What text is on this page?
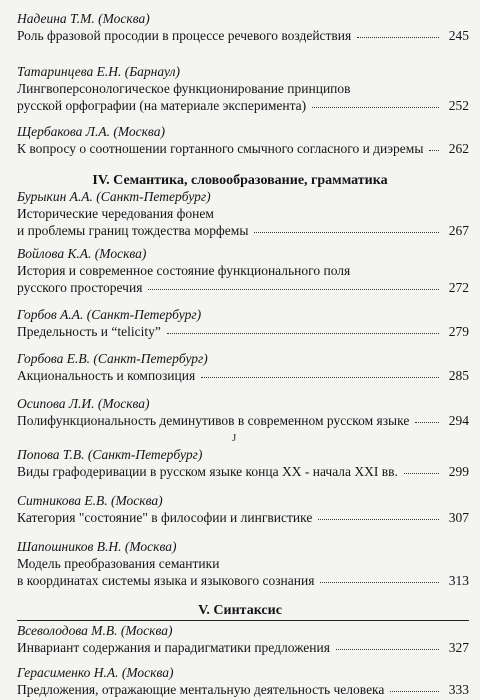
Надеина Т.М. (Москва)
Роль фразовой просодии в процессе речевого воздействия	245
Татаринцева Е.Н. (Барнаул)
Лингвоперсонологическое функционирование принципов
русской орфографии (на материале эксперимента)	252
Щербакова Л.А. (Москва)
К вопросу о соотношении гортанного смычного согласного и диэремы 262
IV. Семантика, словообразование, грамматика
Бурыкин А.А. (Санкт-Петербург)
Исторические чередования фонем
и проблемы границ тождества морфемы	267
Войлова К.А. (Москва)
История и современное состояние функционального поля
русского просторечия	272
Горбов А.А. (Санкт-Петербург)
Предельность и “telicity”	279
Горбова Е.В. (Санкт-Петербург)
Акциональность и композиция	285
Осипова Л.И. (Москва)
Полифункциональность деминутивов в современном русском языке	294
J
Попова Т.В. (Санкт-Петербург)
Виды графодеривации в русском языке конца XX - начала XXI вв.	299
Ситникова Е.В. (Москва)
Категория "состояние" в философии и лингвистике	307
Шапошников В.Н. (Москва)
Модель преобразования семантики
в координатах системы языка и языкового сознания	313
V. Синтаксис
Всеволодова М.В. (Москва)
Инвариант содержания и парадигматики предложения	327
Герасименко Н.А. (Москва)
Предложения, отражающие ментальную деятельность человека	333
